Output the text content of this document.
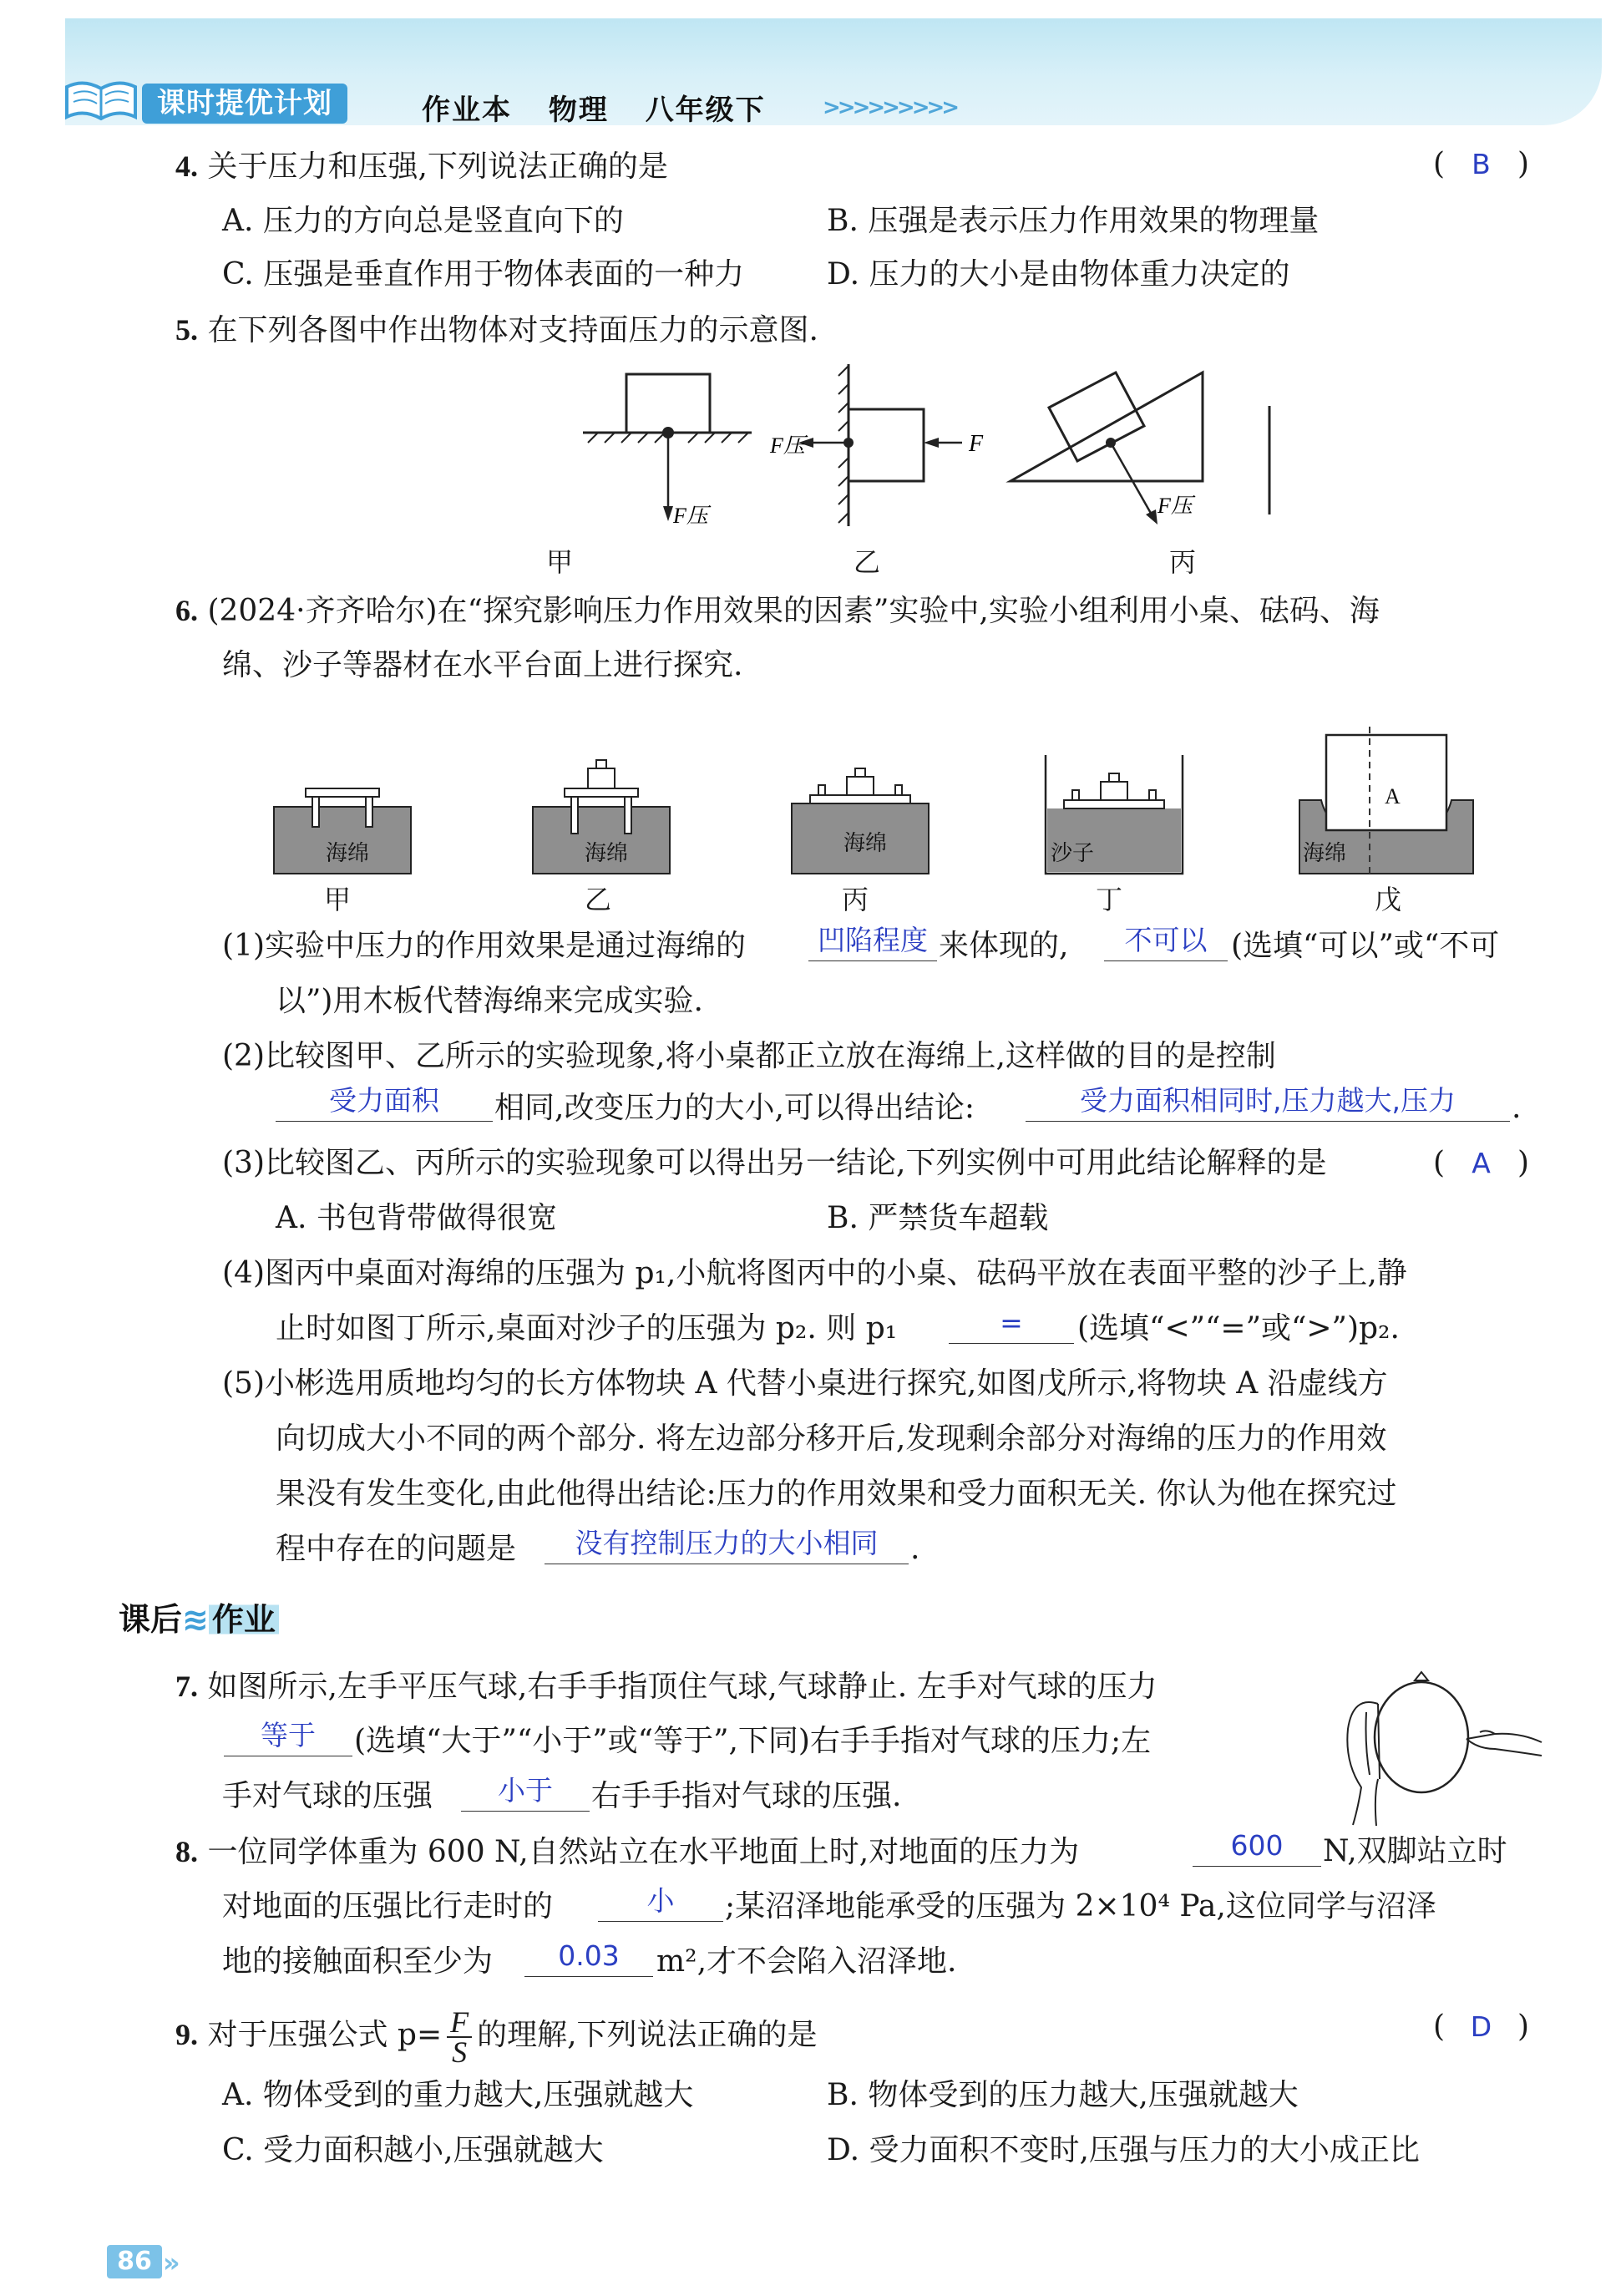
课时提优计划	作业本 物理 八年级下	>>>>>>>>>
4. 关于压力和压强,下列说法正确的是	( B )
A. 压力的方向总是竖直向下的	B. 压强是表示压力作用效果的物理量
C. 压强是垂直作用于物体表面的一种力	D. 压力的大小是由物体重力决定的
5. 在下列各图中作出物体对支持面压力的示意图.
F压
甲
F压	F
乙
F压
丙
6. (2024·齐齐哈尔)在“探究影响压力作用效果的因素”实验中,实验小组利用小桌、砝码、海
绵、沙子等器材在水平台面上进行探究.
海绵
甲
海绵
乙
海绵
丙
沙子
丁
A
海绵
戊
(1)实验中压力的作用效果是通过海绵的	凹陷程度 来体现的,	不可以 (选填“可以”或“不可
以”)用木板代替海绵来完成实验.
(2)比较图甲、乙所示的实验现象,将小桌都正立放在海绵上,这样做的目的是控制
受力面积	相同,改变压力的大小,可以得出结论:	受力面积相同时,压力越大,压力	.
(3)比较图乙、丙所示的实验现象可以得出另一结论,下列实例中可用此结论解释的是	( A )
A. 书包背带做得很宽	B. 严禁货车超载
(4)图丙中桌面对海绵的压强为 p₁,小航将图丙中的小桌、砝码平放在表面平整的沙子上,静
止时如图丁所示,桌面对沙子的压强为 p₂. 则 p₁	=	(选填“<”“=”或“>”)p₂.
(5)小彬选用质地均匀的长方体物块 A 代替小桌进行探究,如图戊所示,将物块 A 沿虚线方
向切成大小不同的两个部分. 将左边部分移开后,发现剩余部分对海绵的压力的作用效
果没有发生变化,由此他得出结论:压力的作用效果和受力面积无关. 你认为他在探究过
程中存在的问题是	没有控制压力的大小相同	.
课后≋ 作业
7. 如图所示,左手平压气球,右手手指顶住气球,气球静止. 左手对气球的压力
等于	(选填“大于”“小于”或“等于”,下同)右手手指对气球的压力;左
手对气球的压强	小于	右手手指对气球的压强.
8. 一位同学体重为 600 N,自然站立在水平地面上时,对地面的压力为	600	N,双脚站立时
对地面的压强比行走时的	小	;某沼泽地能承受的压强为 2×10⁴ Pa,这位同学与沼泽
地的接触面积至少为	0.03	m²,才不会陷入沼泽地.
9. 对于压强公式 $p= \frac{F}{S}$ 的理解,下列说法正确的是	( D )
A. 物体受到的重力越大,压强就越大	B. 物体受到的压力越大,压强就越大
C. 受力面积越小,压强就越大	D. 受力面积不变时,压强与压力的大小成正比
86 »
